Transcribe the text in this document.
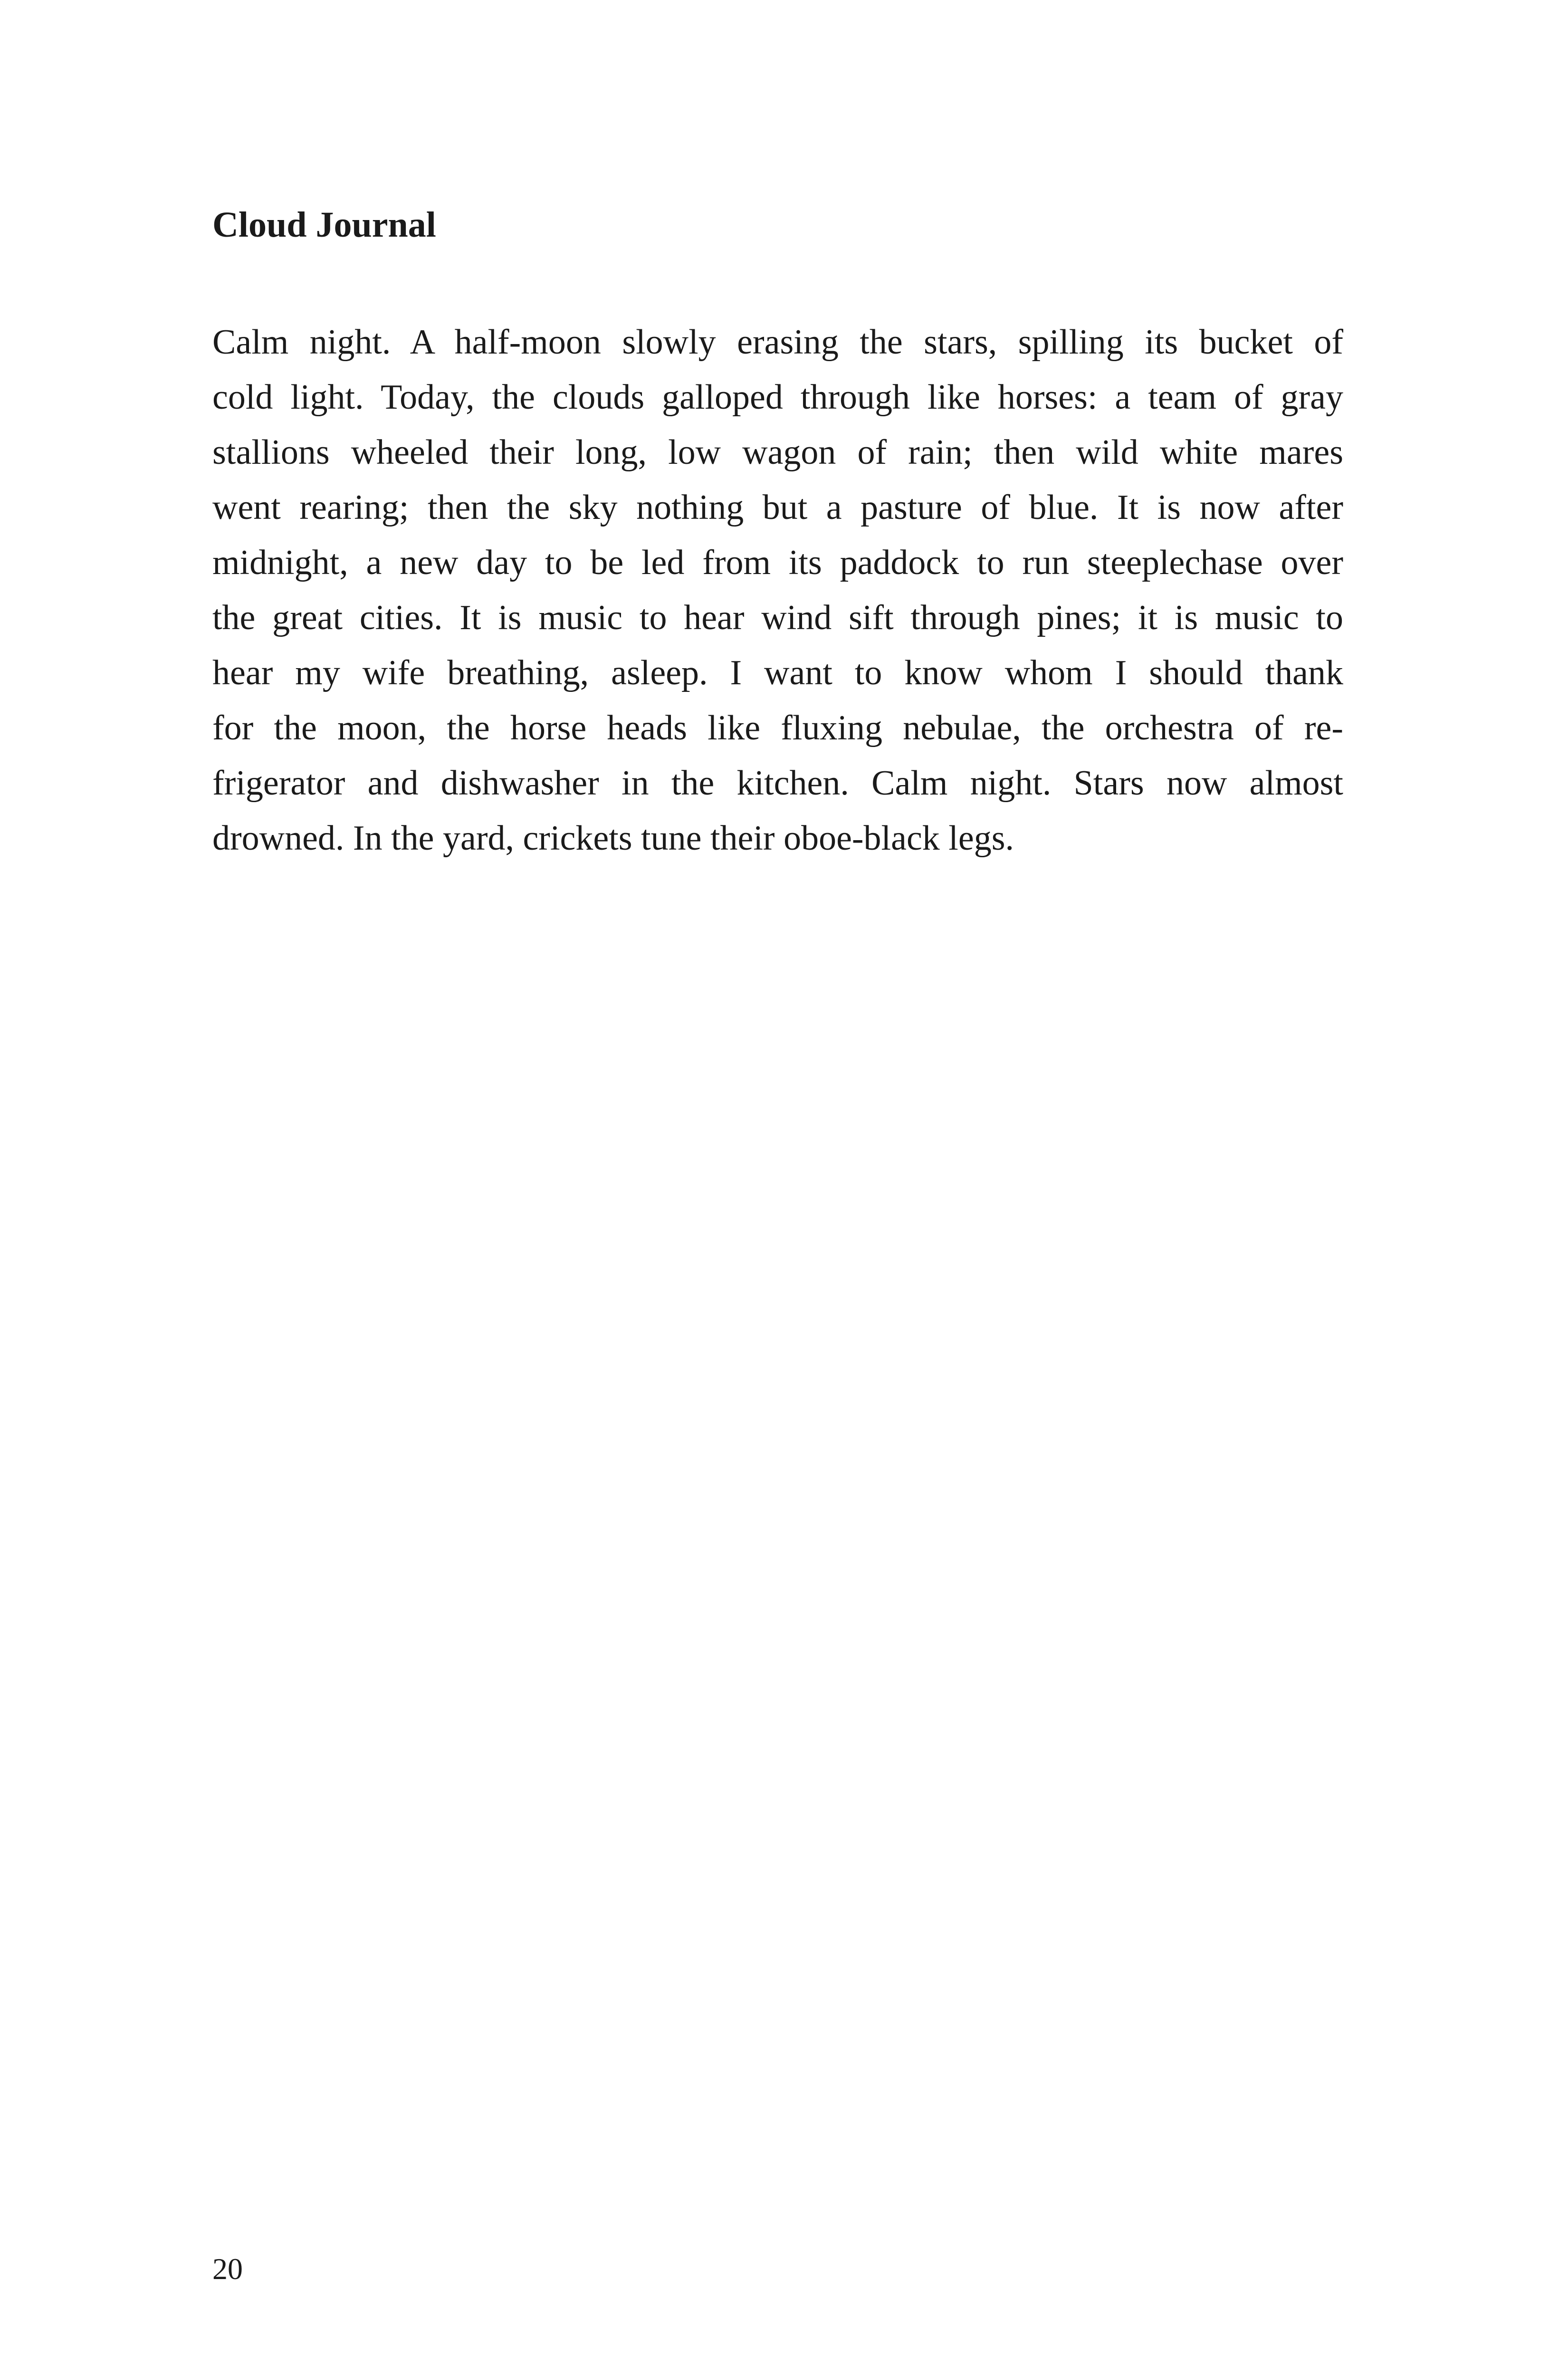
Cloud Journal
Calm night. A half-moon slowly erasing the stars, spilling its bucket of
cold light. Today, the clouds galloped through like horses: a team of gray
stallions wheeled their long, low wagon of rain; then wild white mares
went rearing; then the sky nothing but a pasture of blue. It is now after
midnight, a new day to be led from its paddock to run steeplechase over
the great cities. It is music to hear wind sift through pines; it is music to
hear my wife breathing, asleep. I want to know whom I should thank
for the moon, the horse heads like fluxing nebulae, the orchestra of re-
frigerator and dishwasher in the kitchen. Calm night. Stars now almost
drowned. In the yard, crickets tune their oboe-black legs.
20
